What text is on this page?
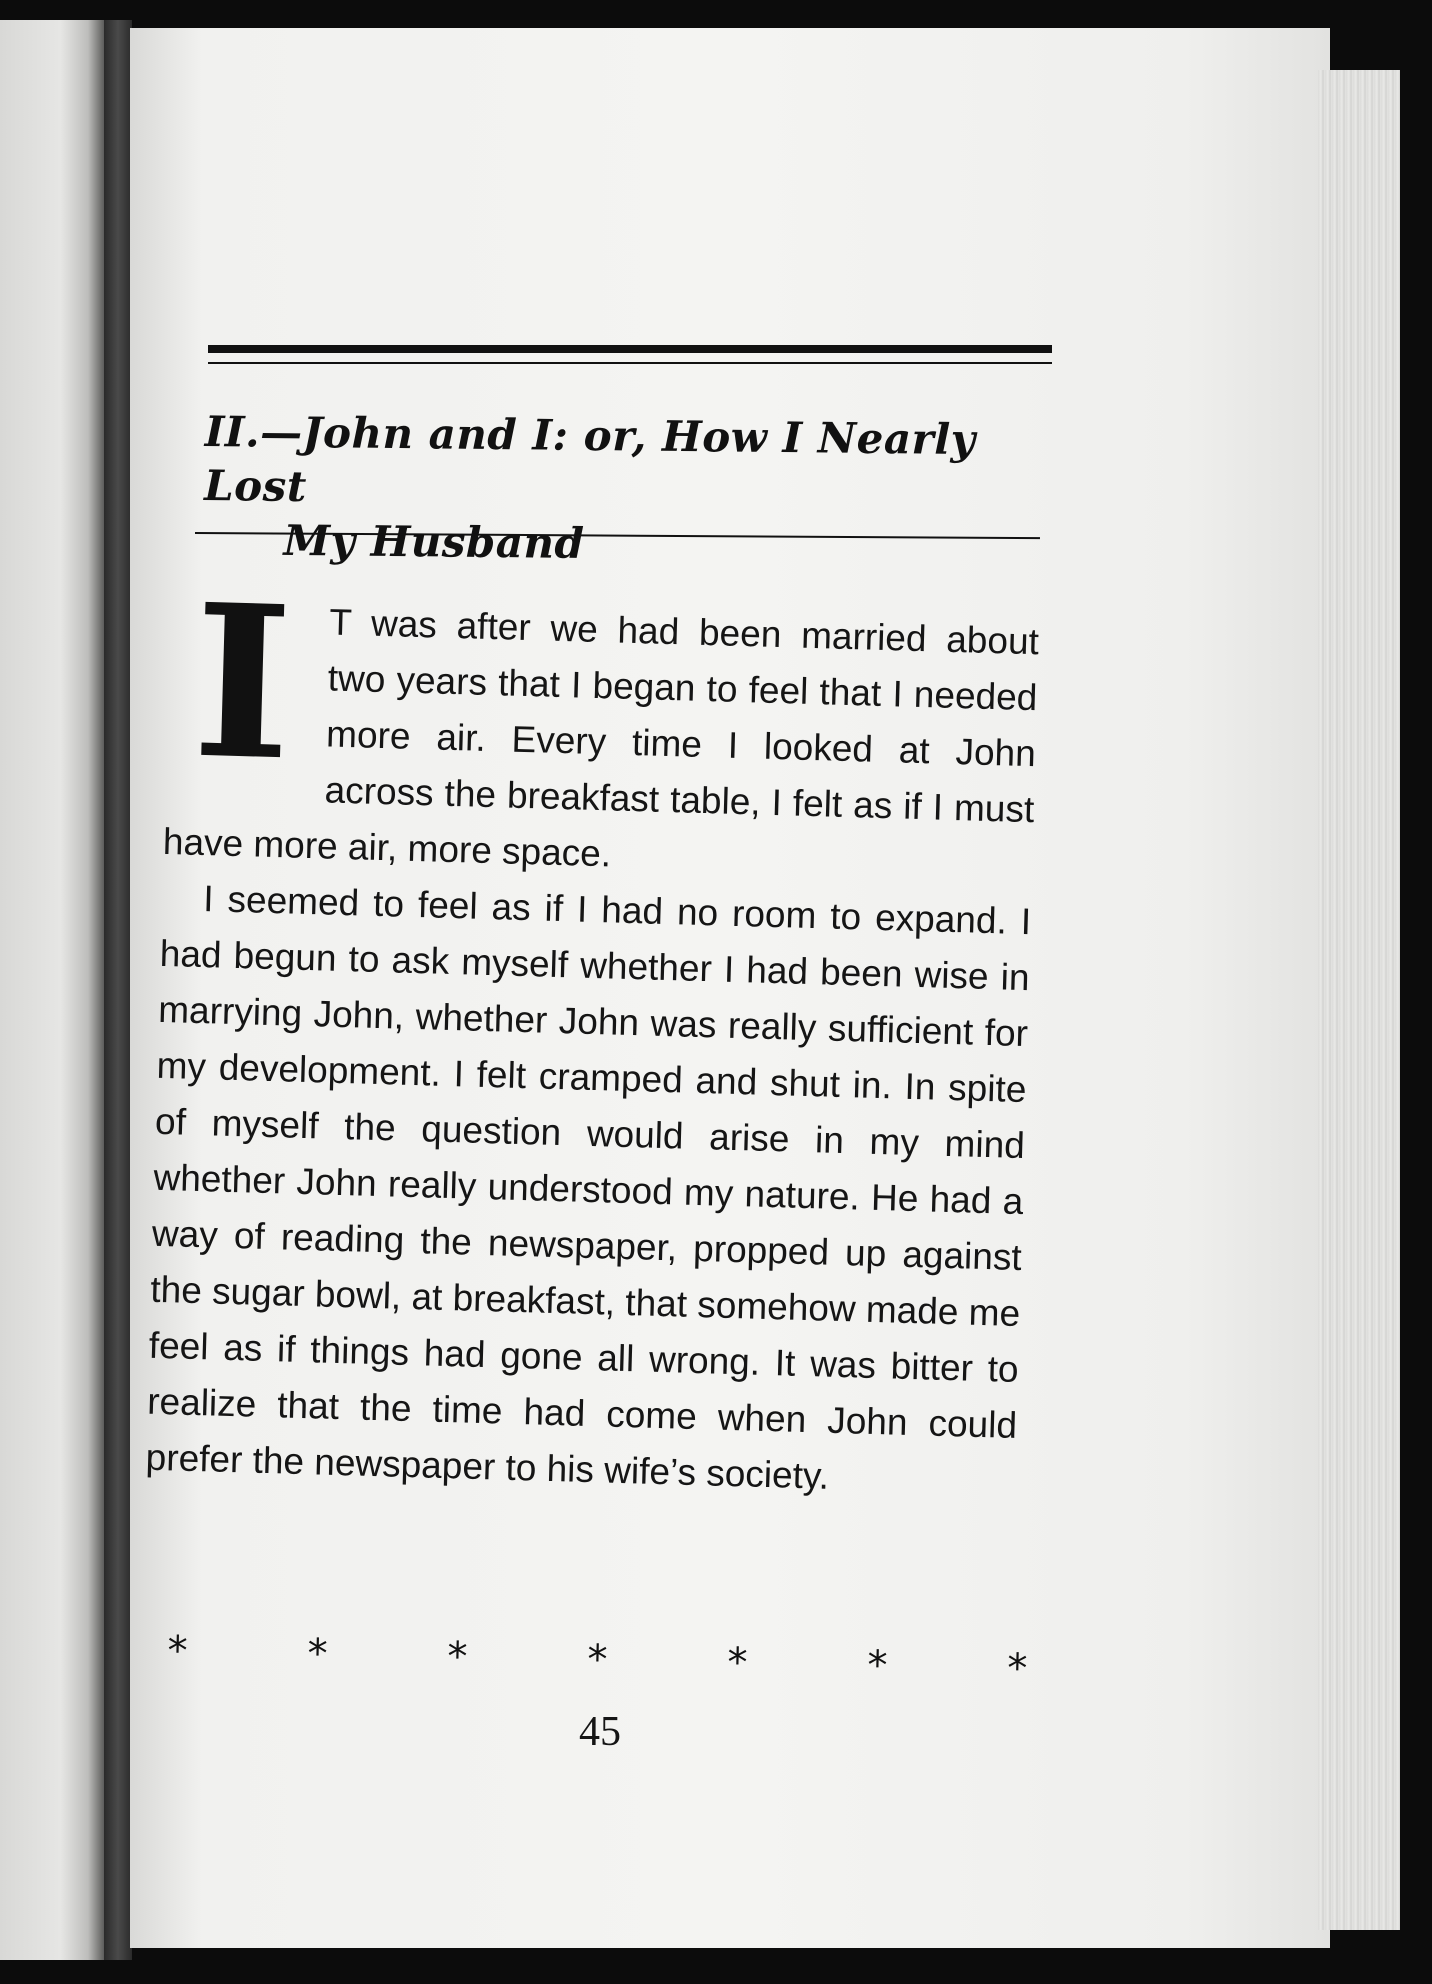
II.—John and I: or, How I Nearly Lost
My Husband
I T was after we had been married about two years that I began to feel that I needed more air. Every time I looked at John across the breakfast table, I felt as if I must have more air, more space.

I seemed to feel as if I had no room to expand. I had begun to ask myself whether I had been wise in marrying John, whether John was really sufficient for my development. I felt cramped and shut in. In spite of myself the question would arise in my mind whether John really understood my nature. He had a way of reading the newspaper, propped up against the sugar bowl, at breakfast, that somehow made me feel as if things had gone all wrong. It was bitter to realize that the time had come when John could prefer the newspaper to his wife’s society.

*	*	*	*	*	*	*
45
